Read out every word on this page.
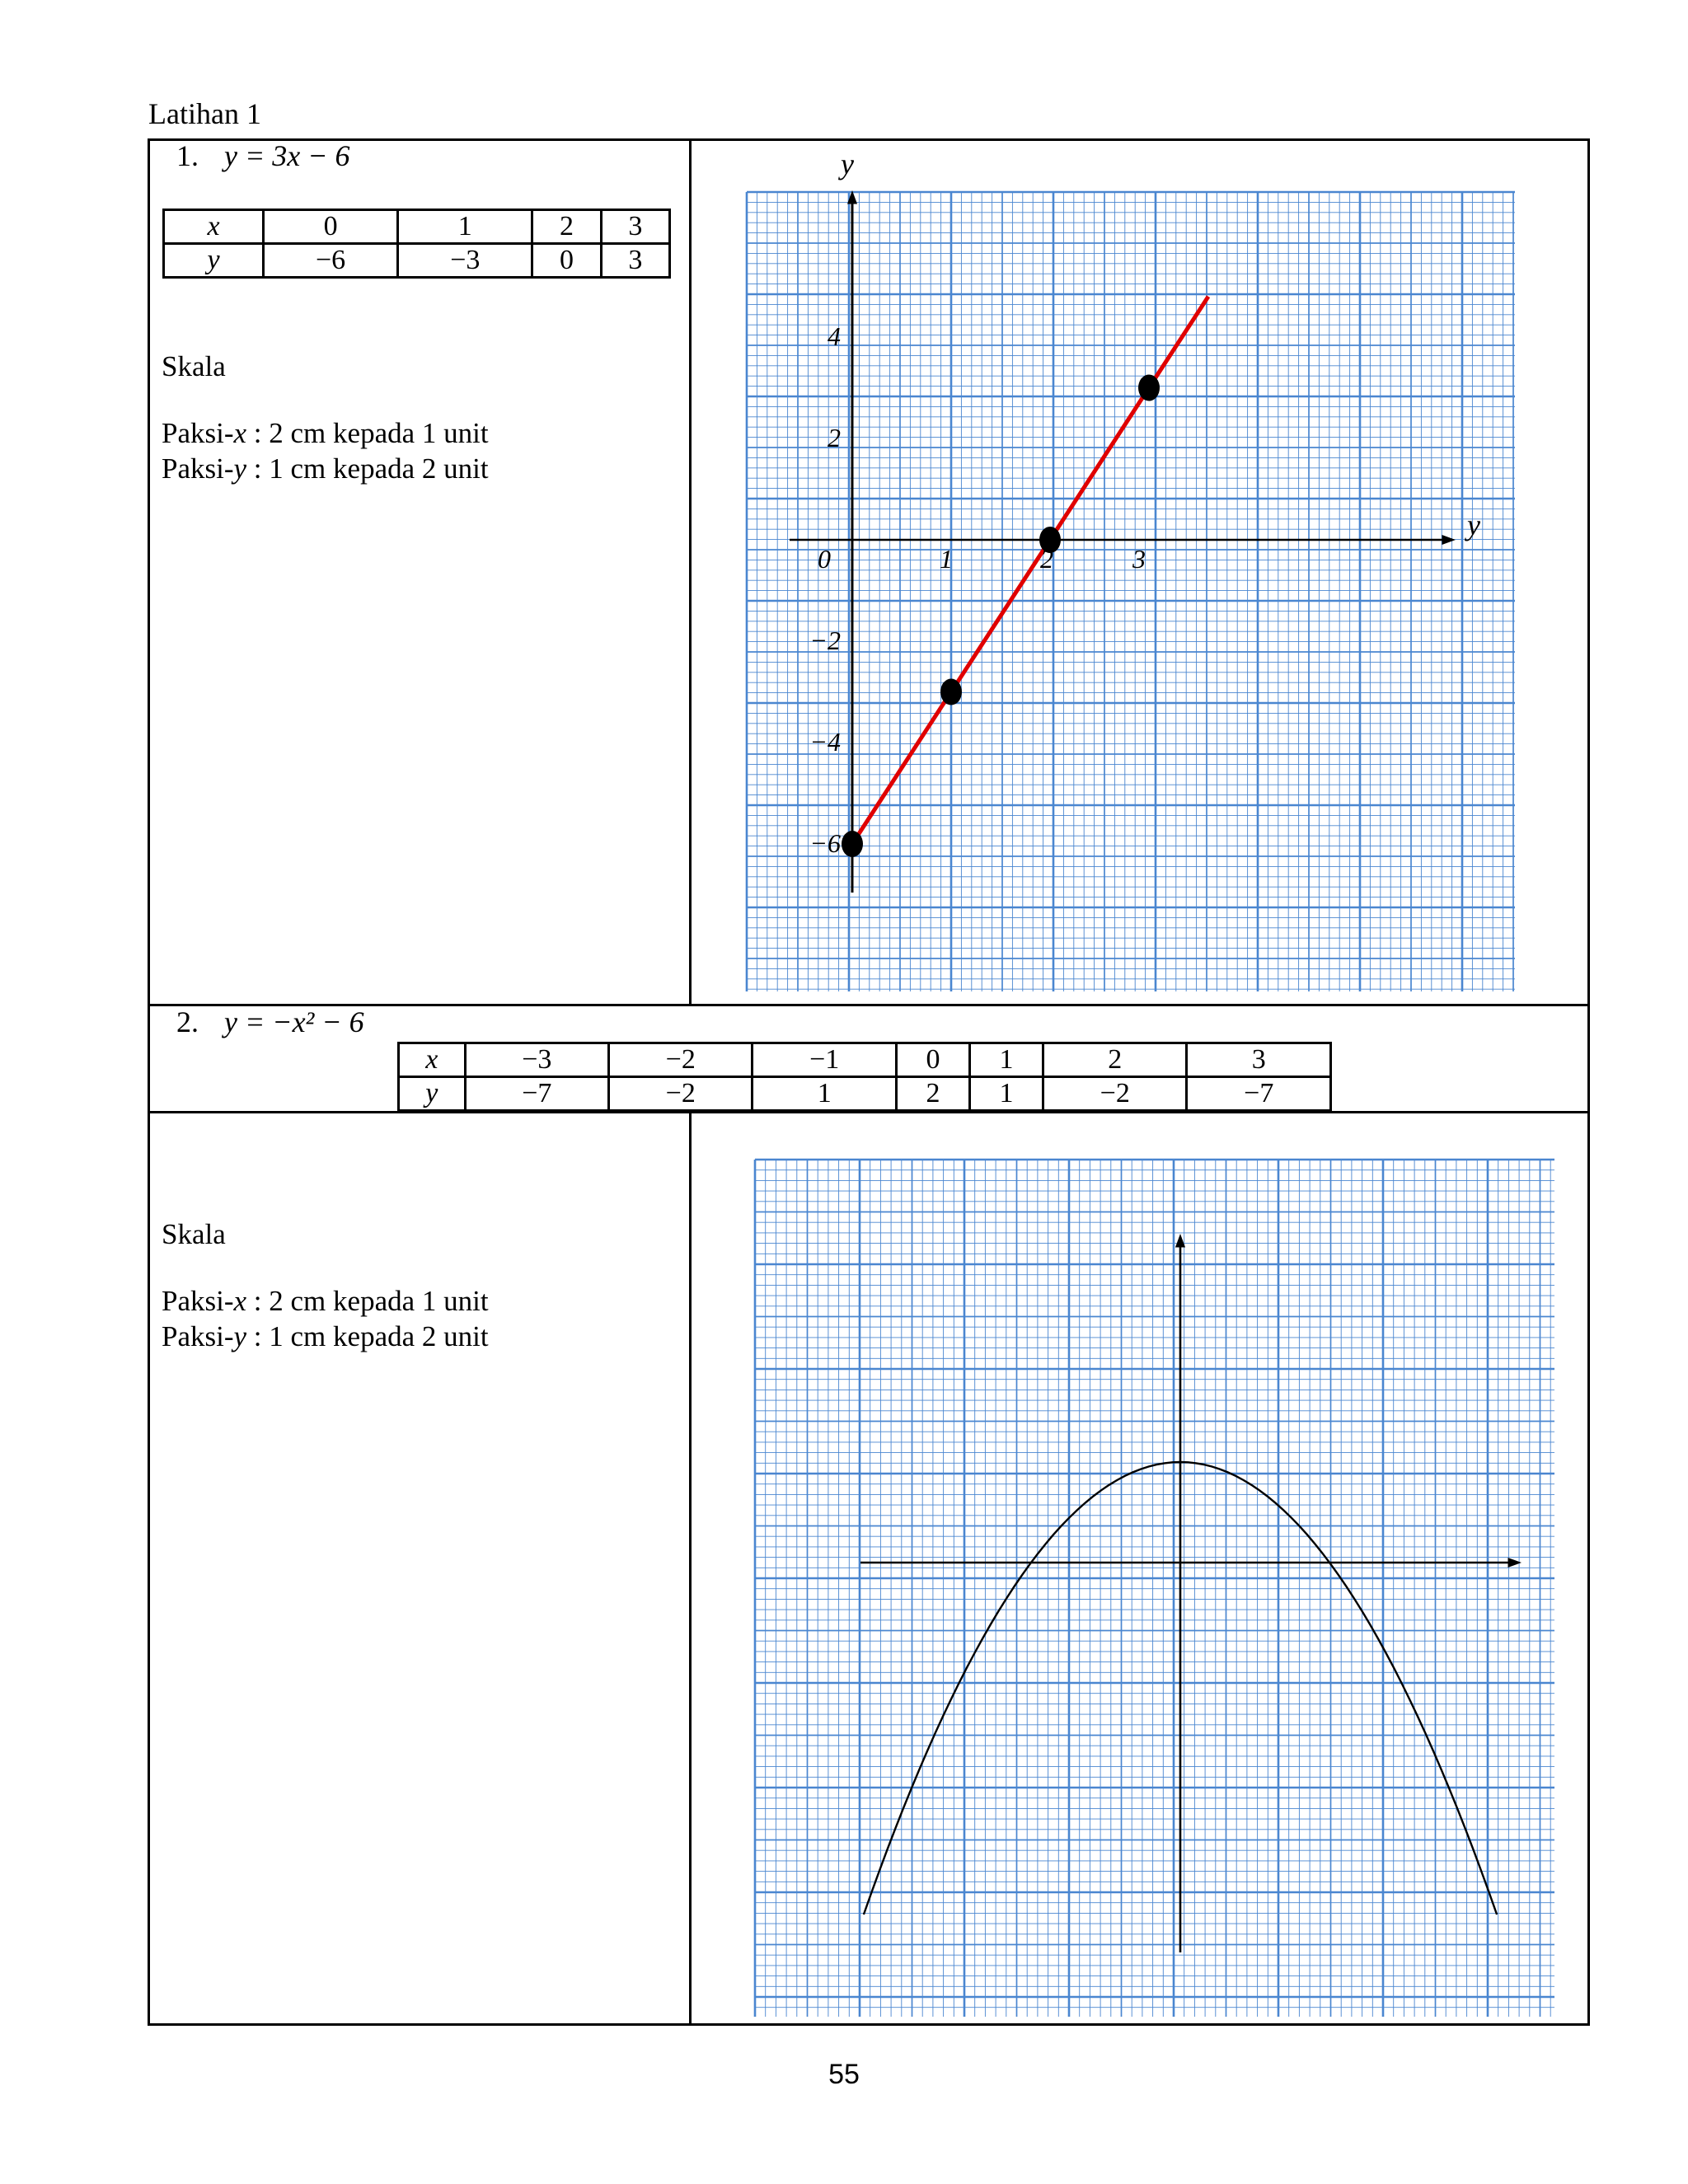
Latihan 1
1. y = 3x − 6
x	0	1	2	3
y	−6	−3	0	3
Skala
Paksi-x : 2 cm kepada 1 unit
Paksi-y : 1 cm kepada 2 unit
y
y
0	1	2	3
4
2
−2
−4
−6
2. y = −x² − 6
x	−3	−2	−1	0	1	2	3
y	−7	−2	1	2	1	−2	−7
Skala
Paksi-x : 2 cm kepada 1 unit
Paksi-y : 1 cm kepada 2 unit
55
